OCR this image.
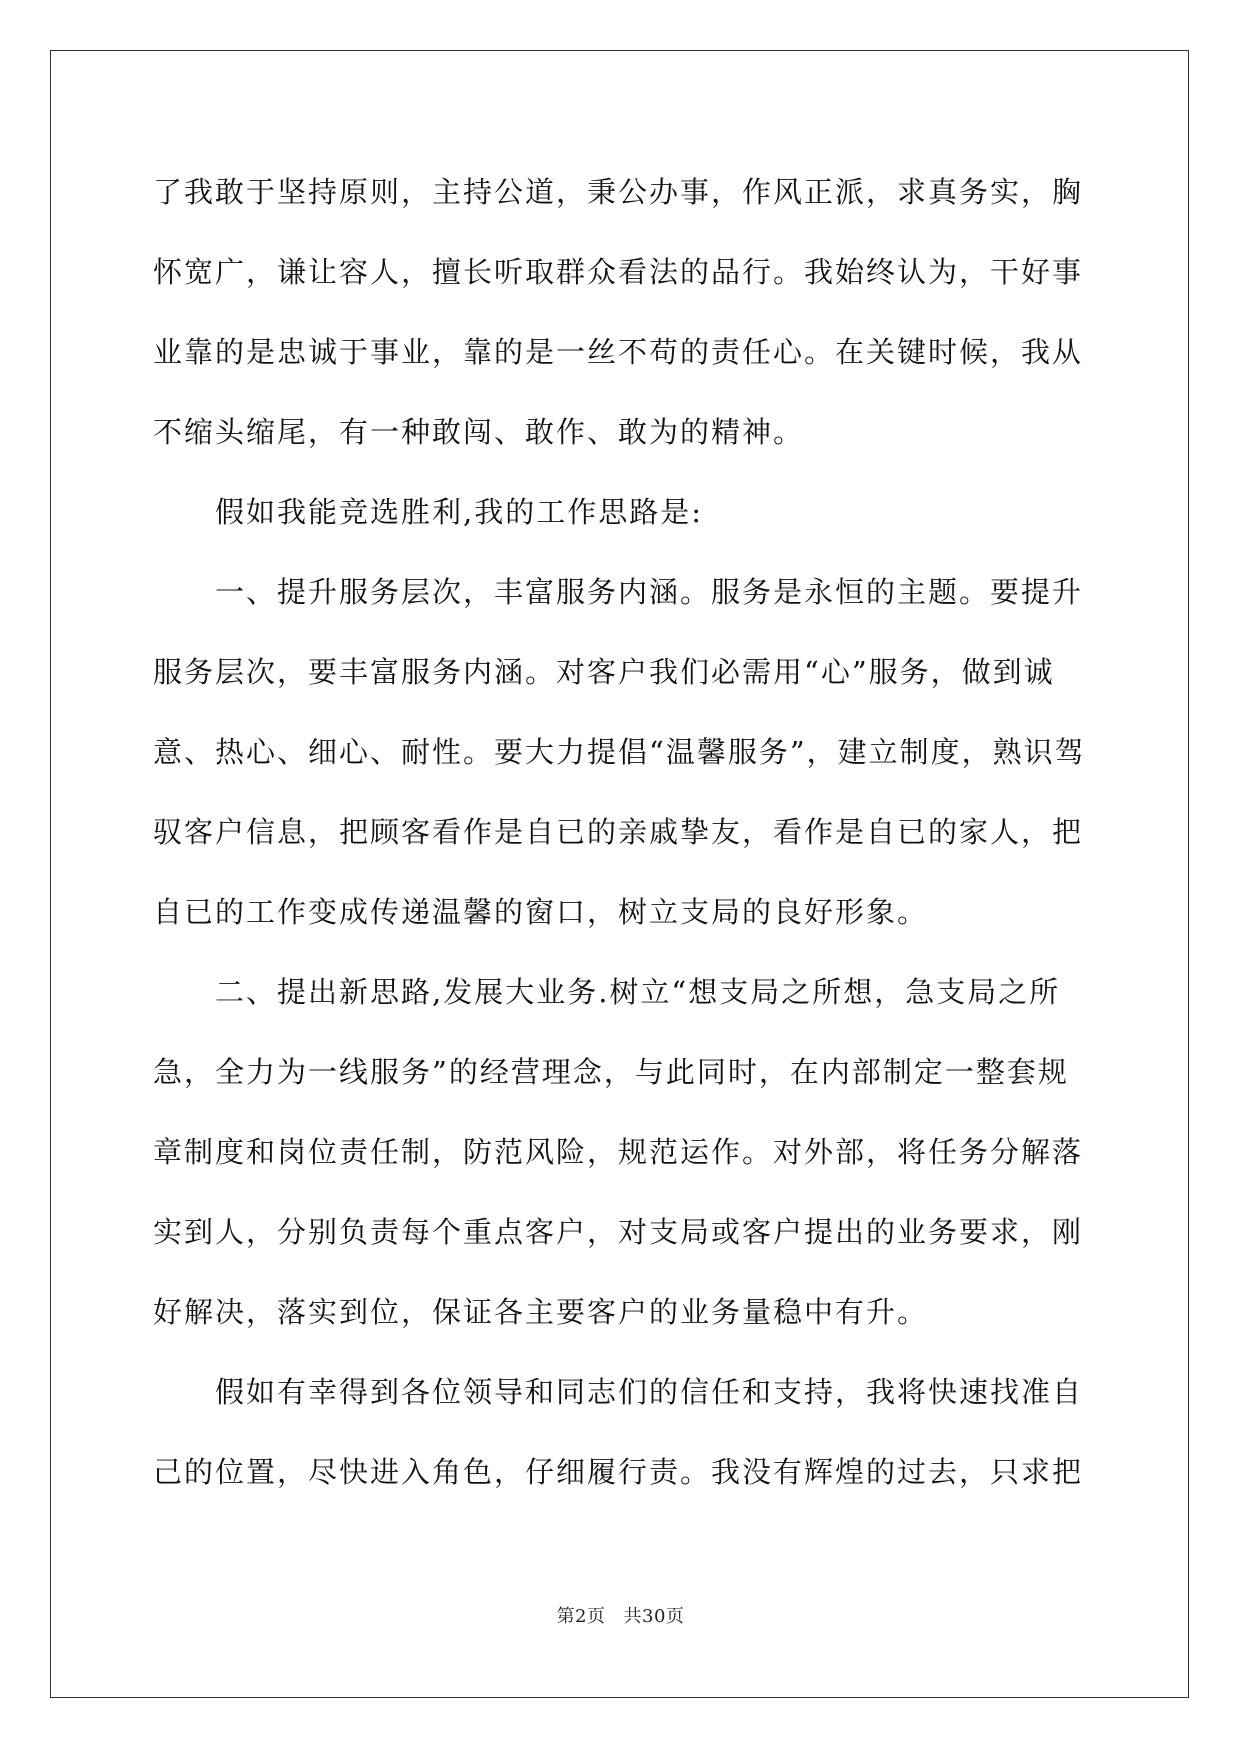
了我敢于坚持原则，主持公道，秉公办事，作风正派，求真务实，胸
怀宽广，谦让容人，擅长听取群众看法的品行。我始终认为，干好事
业靠的是忠诚于事业，靠的是一丝不苟的责任心。在关键时候，我从
不缩头缩尾，有一种敢闯、敢作、敢为的精神。
假如我能竞选胜利,我的工作思路是:
一、提升服务层次，丰富服务内涵。服务是永恒的主题。要提升
服务层次，要丰富服务内涵。对客户我们必需用“心”服务，做到诚
意、热心、细心、耐性。要大力提倡“温馨服务”，建立制度，熟识驾
驭客户信息，把顾客看作是自已的亲戚挚友，看作是自已的家人，把
自已的工作变成传递温馨的窗口，树立支局的良好形象。
二、提出新思路,发展大业务.树立“想支局之所想，急支局之所
急，全力为一线服务”的经营理念，与此同时，在内部制定一整套规
章制度和岗位责任制，防范风险，规范运作。对外部，将任务分解落
实到人，分别负责每个重点客户，对支局或客户提出的业务要求，刚
好解决，落实到位，保证各主要客户的业务量稳中有升。
假如有幸得到各位领导和同志们的信任和支持，我将快速找准自
己的位置，尽快进入角色，仔细履行责。我没有辉煌的过去，只求把
第2页 共30页
